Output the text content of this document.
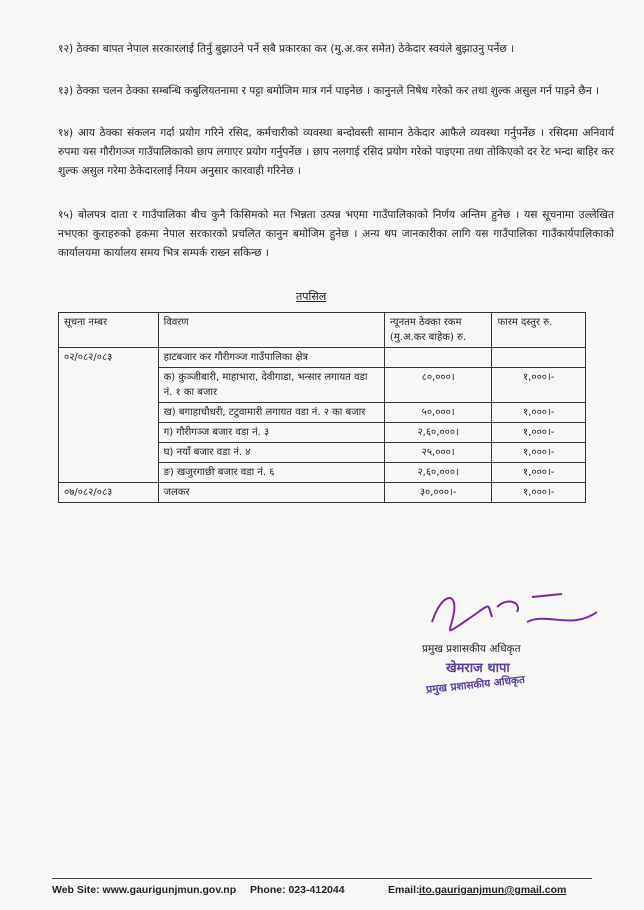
१२) ठेक्का बापत नेपाल सरकारलाई तिर्नु बुझाउने पर्ने सबै प्रकारका कर (मु.अ.कर समेत) ठेकेदार स्वयंले बुझाउनु पर्नेछ ।
१३) ठेक्का चलन ठेक्का सम्बन्धि कबुलियतनामा र पट्टा बमोजिम मात्र गर्न पाइनेछ । कानुनले निषेध गरेको कर तथा शुल्क असुल गर्न पाइने छैन ।
१४) आय ठेक्का संकलन गर्दा प्रयोग गरिने रसिद, कर्मचारीको व्यवस्था बन्दोवस्ती सामान ठेकेदार आफैले व्यवस्था गर्नुपर्नेछ । रसिदमा अनिवार्य रुपमा यस गौरीगञ्ज गाउँपालिकाको छाप लगाएर प्रयोग गर्नुपर्नेछ । छाप नलगाई रसिद प्रयोग गरेको पाइएमा तथा तोकिएको दर रेट भन्दा बाहिर कर शुल्क असुल गरेमा ठेकेदारलाई नियम अनुसार कारवाही गरिनेछ ।
१५) बोलपत्र दाता र गाउँपालिका बीच कुनै किसिमको मत भिन्नता उत्पन्न भएमा गाउँपालिकाको निर्णय अन्तिम हुनेछ । यस सूचनामा उल्लेखित नभएका कुराहरुको हकमा नेपाल सरकारको प्रचलित कानुन बमोजिम हुनेछ । अन्य थप जानकारीका लागि यस गाउँपालिका गाउँकार्यपालिकाको कार्यालयमा कार्यालय समय भित्र सम्पर्क राख्न सकिन्छ ।
तपसिल
सूचना नम्बर	विवरण	न्यूनतम ठेक्का रकम (मु.अ.कर बाहेक) रु.	फारम दस्तुर रु.
०२/०८२/०८३	हाटबजार कर गौरीगञ्ज गाउँपालिका क्षेत्र		
	क) कुञ्जीबारी, माहाभारा, देवीगाडा, भन्सार लगायत वडा नं. १ का बजार	८०,०००।	१,०००।-
	ख) बगाहाचौधरी, टटुवामारी लगायत वडा नं. २ का बजार	५०,०००।	१,०००।-
	ग) गौरीगञ्ज बजार वडा नं. ३	२,६०,०००।	१,०००।-
	घ) नयाँ बजार वडा नं. ४	२५,०००।	१,०००।-
	ङ) खजुरगाछी बजार वडा नं. ६	२,६०,०००।	१,०००।-
०७/०८२/०८३	जलकर	३०,०००।-	१,०००।-
प्रमुख प्रशासकीय अधिकृत
खेमराज थापा
प्रमुख प्रशासकीय अधिकृत
Web Site: www.gaurigunjmun.gov.np Phone: 023-412044	Email: ito.gauriganjmun@gmail.com
